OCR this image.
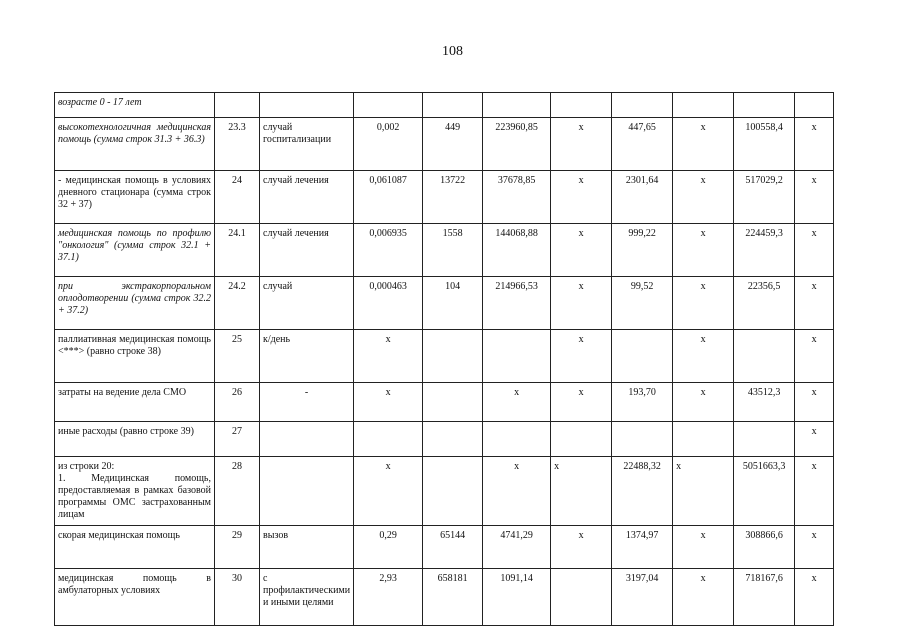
108
возрасте 0 - 17 лет										
высокотехнологичная медицинская помощь (сумма строк 31.3 + 36.3)	23.3	случай госпитализации	0,002	449	223960,85	х	447,65	х	100558,4	х
- медицинская помощь в условиях дневного стационара (сумма строк 32 + 37)	24	случай лечения	0,061087	13722	37678,85	х	2301,64	х	517029,2	х
медицинская помощь по профилю "онкология" (сумма строк 32.1 + 37.1)	24.1	случай лечения	0,006935	1558	144068,88	х	999,22	х	224459,3	х
при экстракорпоральном оплодотворении (сумма строк 32.2 + 37.2)	24.2	случай	0,000463	104	214966,53	х	99,52	х	22356,5	х
паллиативная медицинская помощь <***> (равно строке 38)	25	к/день	х			х		х		х
затраты на ведение дела СМО	26	-	х		х	х	193,70	х	43512,3	х
иные расходы (равно строке 39)	27									х
из строки 20:
1. Медицинская помощь, предоставляемая в рамках базовой программы ОМС застрахованным лицам	28		х		х	х	22488,32	х	5051663,3	х
скорая медицинская помощь	29	вызов	0,29	65144	4741,29	х	1374,97	х	308866,6	х
медицинская помощь в амбулаторных условиях	30	с профилактическими и иными целями	2,93	658181	1091,14		3197,04	х	718167,6	х
